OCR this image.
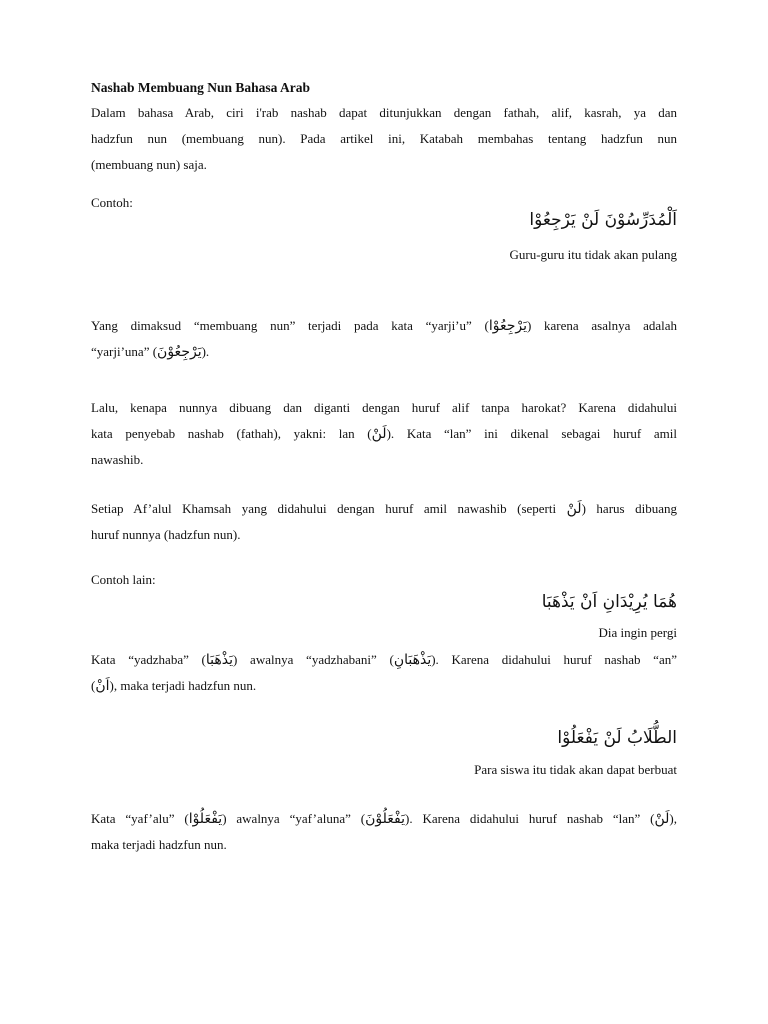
Nashab Membuang Nun Bahasa Arab
Dalam bahasa Arab, ciri i'rab nashab dapat ditunjukkan dengan fathah, alif, kasrah, ya dan
hadzfun nun (membuang nun). Pada artikel ini, Katabah membahas tentang hadzfun nun
(membuang nun) saja.
Contoh:
اَلْمُدَرِّسُوْنَ لَنْ يَرْجِعُوْا
Guru-guru itu tidak akan pulang
Yang dimaksud “membuang nun” terjadi pada kata “yarji’u” (يَرْجِعُوْا) karena asalnya adalah
“yarji’una” (يَرْجِعُوْنَ).
Lalu, kenapa nunnya dibuang dan diganti dengan huruf alif tanpa harokat? Karena didahului
kata penyebab nashab (fathah), yakni: lan (لَنْ). Kata “lan” ini dikenal sebagai huruf amil
nawashib.
Setiap Af’alul Khamsah yang didahului dengan huruf amil nawashib (seperti لَنْ) harus dibuang
huruf nunnya (hadzfun nun).
Contoh lain:
هُمَا يُرِيْدَانِ اَنْ يَذْهَبَا
Dia ingin pergi
Kata “yadzhaba” (يَذْهَبَا) awalnya “yadzhabani” (يَذْهَبَانِ). Karena didahului huruf nashab “an”
(اَنْ), maka terjadi hadzfun nun.
الطُّلَابُ لَنْ يَفْعَلُوْا
Para siswa itu tidak akan dapat berbuat
Kata “yaf’alu” (يَفْعَلُوْا) awalnya “yaf’aluna” (يَفْعَلُوْنَ). Karena didahului huruf nashab “lan” (لَنْ),
maka terjadi hadzfun nun.
